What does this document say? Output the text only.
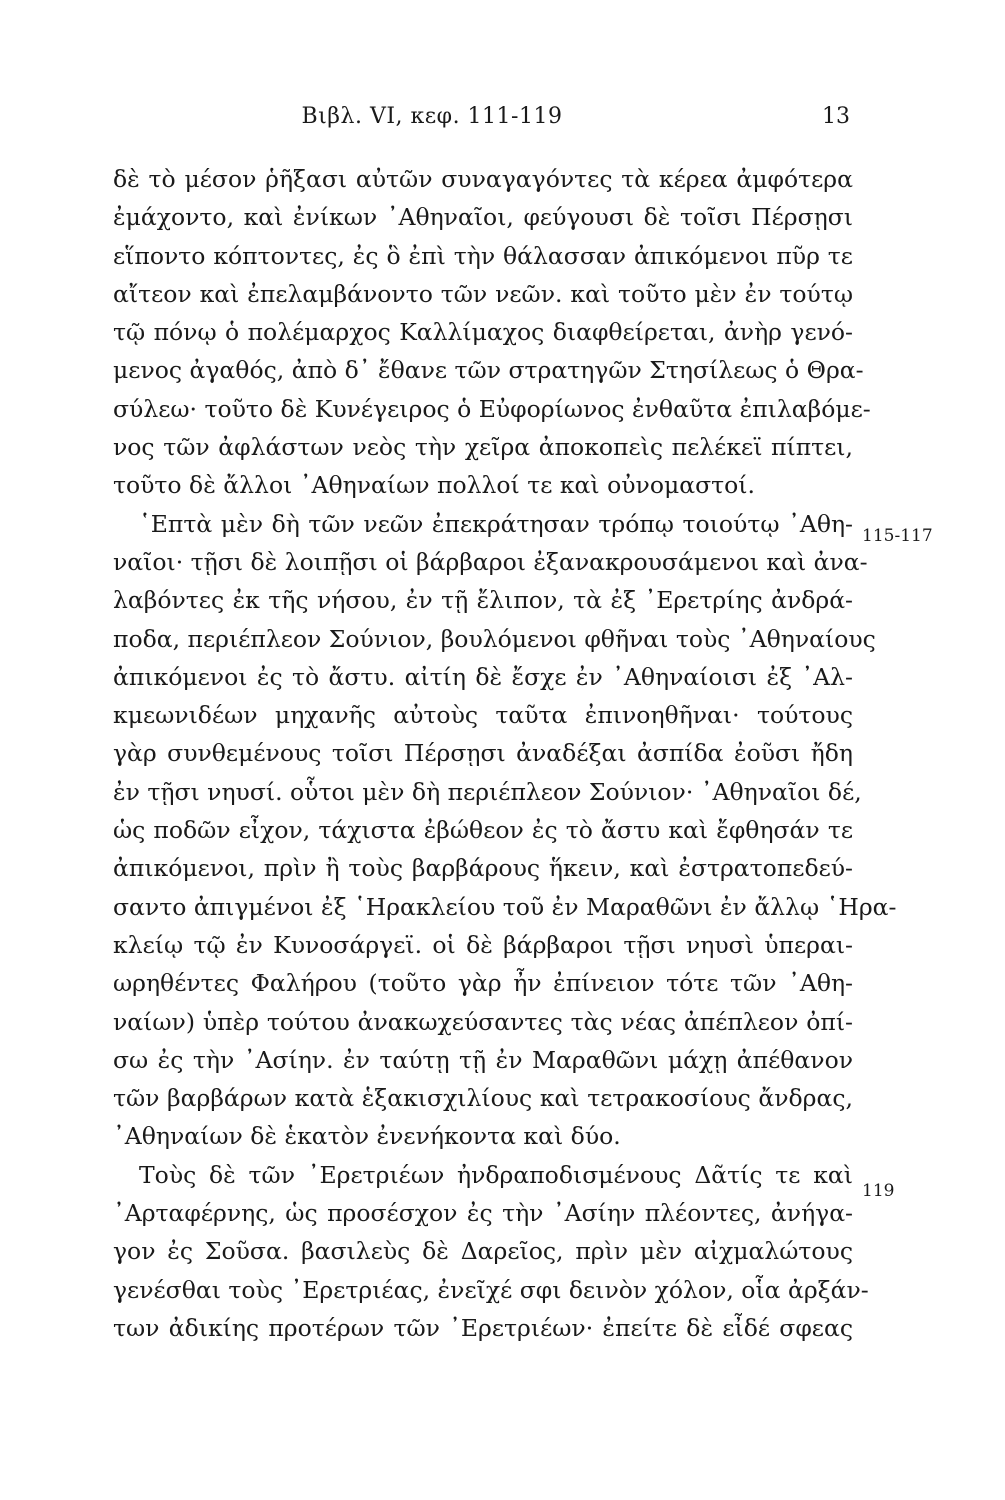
Βιβλ. VI, κεφ. 111-119	13
δὲ τὸ μέσον ῥῆξασι αὐτῶν συναγαγόντες τὰ κέρεα ἀμφότερα
ἐμάχοντο, καὶ ἐνίκων ᾽Αθηναῖοι, φεύγουσι δὲ τοῖσι Πέρσῃσι
εἵποντο κόπτοντες, ἐς ὃ ἐπὶ τὴν θάλασσαν ἀπικόμενοι πῦρ τε
αἴτεον καὶ ἐπελαμβάνοντο τῶν νεῶν. καὶ τοῦτο μὲν ἐν τούτῳ
τῷ πόνῳ ὁ πολέμαρχος Καλλίμαχος διαφθείρεται, ἀνὴρ γενό-
μενος ἀγαθός, ἀπὸ δ᾽ ἔθανε τῶν στρατηγῶν Στησίλεως ὁ Θρα-
σύλεω· τοῦτο δὲ Κυνέγειρος ὁ Εὐφορίωνος ἐνθαῦτα ἐπιλαβόμε-
νος τῶν ἀφλάστων νεὸς τὴν χεῖρα ἀποκοπεὶς πελέκεϊ πίπτει,
τοῦτο δὲ ἄλλοι ᾽Αθηναίων πολλοί τε καὶ οὐνομαστοί.
῾Επτὰ μὲν δὴ τῶν νεῶν ἐπεκράτησαν τρόπῳ τοιούτῳ ᾽Αθη-
ναῖοι· τῇσι δὲ λοιπῇσι οἱ βάρβαροι ἐξανακρουσάμενοι καὶ ἀνα-
λαβόντες ἐκ τῆς νήσου, ἐν τῇ ἔλιπον, τὰ ἐξ ᾽Ερετρίης ἀνδρά-
ποδα, περιέπλεον Σούνιον, βουλόμενοι φθῆναι τοὺς ᾽Αθηναίους
ἀπικόμενοι ἐς τὸ ἄστυ. αἰτίη δὲ ἔσχε ἐν ᾽Αθηναίοισι ἐξ ᾽Αλ-
κμεωνιδέων μηχανῆς αὐτοὺς ταῦτα ἐπινοηθῆναι· τούτους
γὰρ συνθεμένους τοῖσι Πέρσῃσι ἀναδέξαι ἀσπίδα ἐοῦσι ἤδη
ἐν τῇσι νηυσί. οὗτοι μὲν δὴ περιέπλεον Σούνιον· ᾽Αθηναῖοι δέ,
ὡς ποδῶν εἶχον, τάχιστα ἐβώθεον ἐς τὸ ἄστυ καὶ ἔφθησάν τε
ἀπικόμενοι, πρὶν ἢ τοὺς βαρβάρους ἥκειν, καὶ ἐστρατοπεδεύ-
σαντο ἀπιγμένοι ἐξ ῾Ηρακλείου τοῦ ἐν Μαραθῶνι ἐν ἄλλῳ ῾Ηρα-
κλείῳ τῷ ἐν Κυνοσάργεϊ. οἱ δὲ βάρβαροι τῇσι νηυσὶ ὑπεραι-
ωρηθέντες Φαλήρου (τοῦτο γὰρ ἦν ἐπίνειον τότε τῶν ᾽Αθη-
ναίων) ὑπὲρ τούτου ἀνακωχεύσαντες τὰς νέας ἀπέπλεον ὀπί-
σω ἐς τὴν ᾽Ασίην. ἐν ταύτῃ τῇ ἐν Μαραθῶνι μάχῃ ἀπέθανον
τῶν βαρβάρων κατὰ ἑξακισχιλίους καὶ τετρακοσίους ἄνδρας,
᾽Αθηναίων δὲ ἑκατὸν ἐνενήκοντα καὶ δύο.
Τοὺς δὲ τῶν ᾽Ερετριέων ἠνδραποδισμένους Δᾶτίς τε καὶ
᾽Αρταφέρνης, ὡς προσέσχον ἐς τὴν ᾽Ασίην πλέοντες, ἀνήγα-
γον ἐς Σοῦσα. βασιλεὺς δὲ Δαρεῖος, πρὶν μὲν αἰχμαλώτους
γενέσθαι τοὺς ᾽Ερετριέας, ἐνεῖχέ σφι δεινὸν χόλον, οἷα ἀρξάν-
των ἀδικίης προτέρων τῶν ᾽Ερετριέων· ἐπείτε δὲ εἶδέ σφεας
115-117
119
